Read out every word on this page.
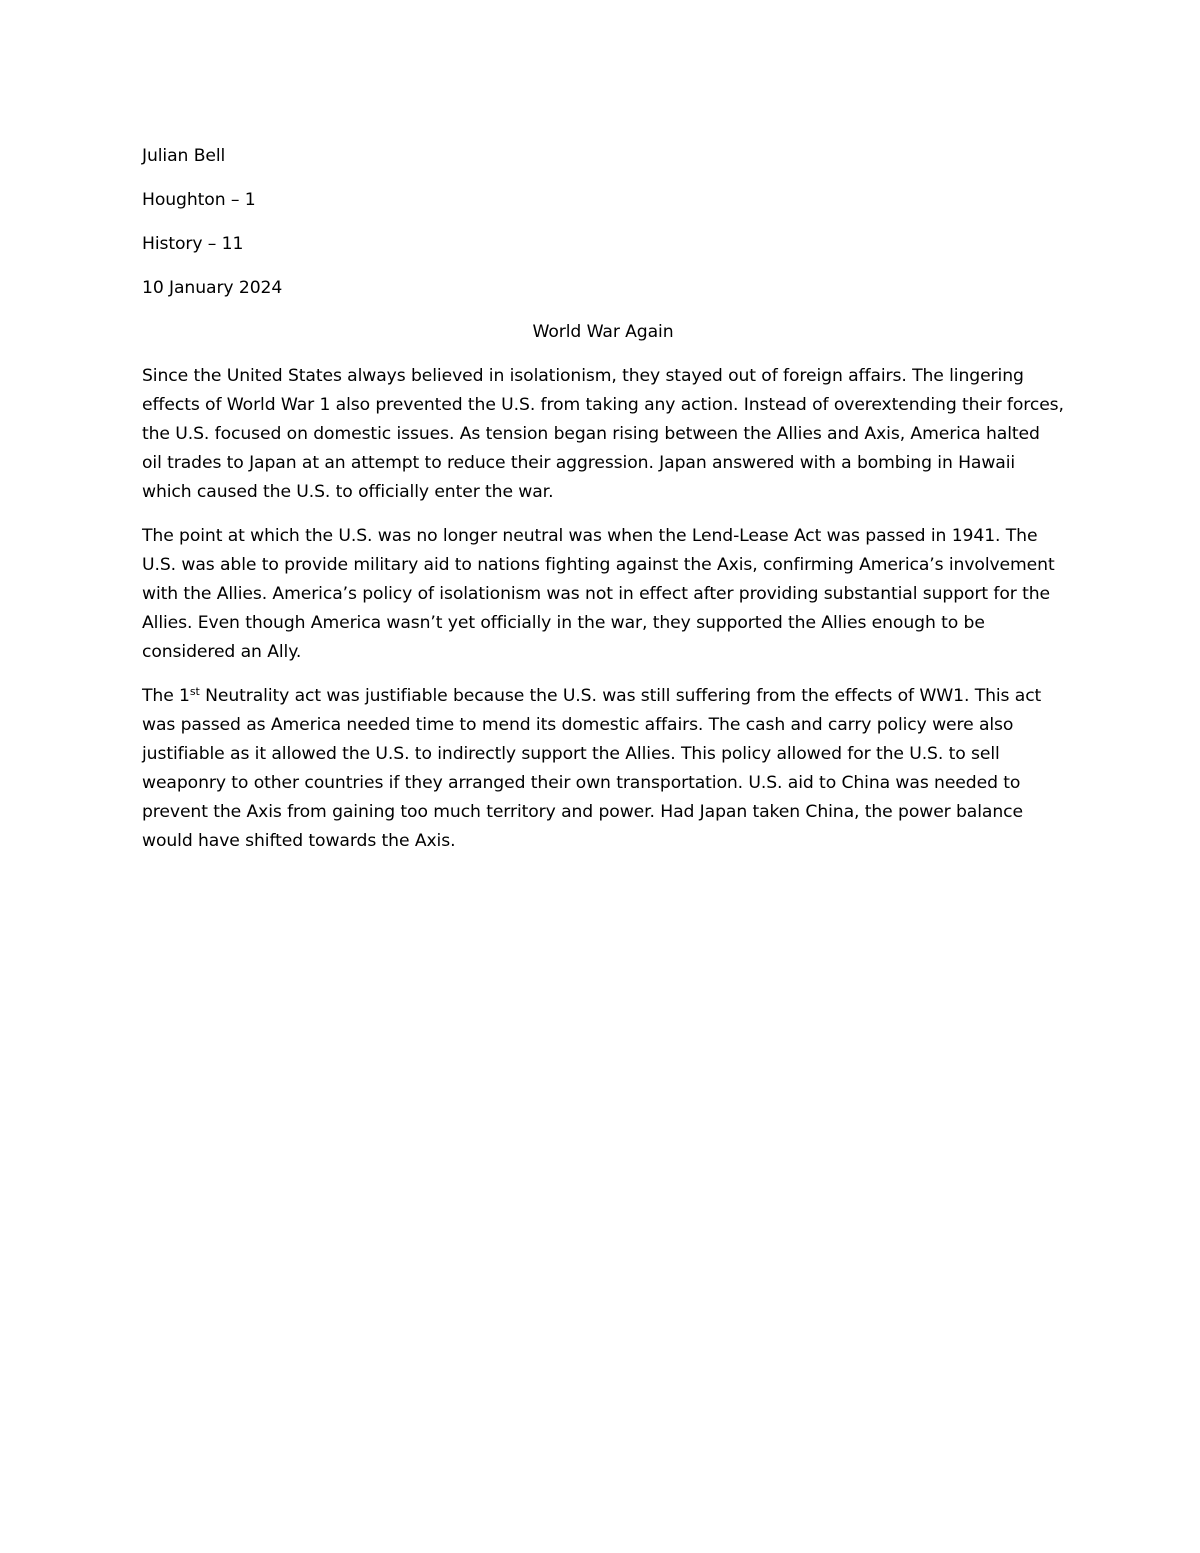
Julian Bell

Houghton – 1

History – 11

10 January 2024

World War Again

Since the United States always believed in isolationism, they stayed out of foreign affairs. The lingering effects of World War 1 also prevented the U.S. from taking any action. Instead of overextending their forces, the U.S. focused on domestic issues. As tension began rising between the Allies and Axis, America halted oil trades to Japan at an attempt to reduce their aggression. Japan answered with a bombing in Hawaii which caused the U.S. to officially enter the war.

The point at which the U.S. was no longer neutral was when the Lend-Lease Act was passed in 1941. The U.S. was able to provide military aid to nations fighting against the Axis, confirming America’s involvement with the Allies. America’s policy of isolationism was not in effect after providing substantial support for the Allies. Even though America wasn’t yet officially in the war, they supported the Allies enough to be considered an Ally.

The 1st Neutrality act was justifiable because the U.S. was still suffering from the effects of WW1. This act was passed as America needed time to mend its domestic affairs. The cash and carry policy were also justifiable as it allowed the U.S. to indirectly support the Allies. This policy allowed for the U.S. to sell weaponry to other countries if they arranged their own transportation. U.S. aid to China was needed to prevent the Axis from gaining too much territory and power. Had Japan taken China, the power balance would have shifted towards the Axis.
